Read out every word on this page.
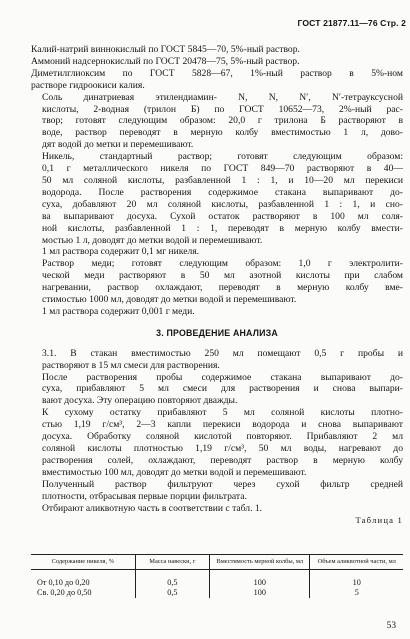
ГОСТ 21877.11—76 Стр. 2

Калий-натрий виннокислый по ГОСТ 5845—70, 5%-ный раствор.

Аммоний надсернокислый по ГОСТ 20478—75, 5%-ный раствор.

Диметилглиоксим по ГОСТ 5828—67, 1%-ный раствор в 5%-ном
растворе гидроокиси калия.

Соль динатриевая этилендиамин- N, N, N′, N′-тетрауксусной
кислоты, 2-водная (трилон Б) по ГОСТ 10652—73, 2%-ный рас-
твор; готовят следующим образом: 20,0 г трилона Б растворяют в
воде, раствор переводят в мерную колбу вместимостью 1 л, дово-
дят водой до метки и перемешивают.

Никель, стандартный раствор; готовят следующим образом:
0,1 г металлического никеля по ГОСТ 849—70 растворяют в 40—
50 мл соляной кислоты, разбавленной 1 : 1, и 10—20 мл перекиси
водорода. После растворения содержимое стакана выпаривают до-
суха, добавляют 20 мл соляной кислоты, разбавленной 1 : 1, и сно-
ва выпаривают досуха. Сухой остаток растворяют в 100 мл соля-
ной кислоты, разбавленной 1 : 1, переводят в мерную колбу вмести-
мостью 1 л, доводят до метки водой и перемешивают.

1 мл раствора содержит 0,1 мг никеля.

Раствор меди; готовят следующим образом: 1,0 г электролити-
ческой меди растворяют в 50 мл азотной кислоты при слабом
нагревании, раствор охлаждают, переводят в мерную колбу вме-
стимостью 1000 мл, доводят до метки водой и перемешивают.

1 мл раствора содержит 0,001 г меди.

3. ПРОВЕДЕНИЕ АНАЛИЗА

3.1. В стакан вместимостью 250 мл помещают 0,5 г пробы и
растворяют в 15 мл смеси для растворения.

После растворения пробы содержимое стакана выпаривают до-
суха, прибавляют 5 мл смеси для растворения и снова выпари-
вают досуха. Эту операцию повторяют дважды.

К сухому остатку прибавляют 5 мл соляной кислоты плотно-
стью 1,19 г/см³, 2—3 капли перекиси водорода и снова выпаривают
досуха. Обработку соляной кислотой повторяют. Прибавляют 2 мл
соляной кислоты плотностью 1,19 г/см³, 50 мл воды, нагревают до
растворения солей, охлаждают, переводят раствор в мерную колбу
вместимостью 100 мл, доводят до метки водой и перемешивают.

Полученный раствор фильтруют через сухой фильтр средней
плотности, отбрасывая первые порции фильтрата.

Отбирают аликвотную часть в соответствии с табл. 1.

Таблица 1
Содержание никеля, %	Масса навески, г	Вместимость мерной колбы, мл	Объем аликвотной части, мл
От 0,10 до 0,20	0,5	100	10
Св. 0,20 до 0,50	0,5	100	5
53
